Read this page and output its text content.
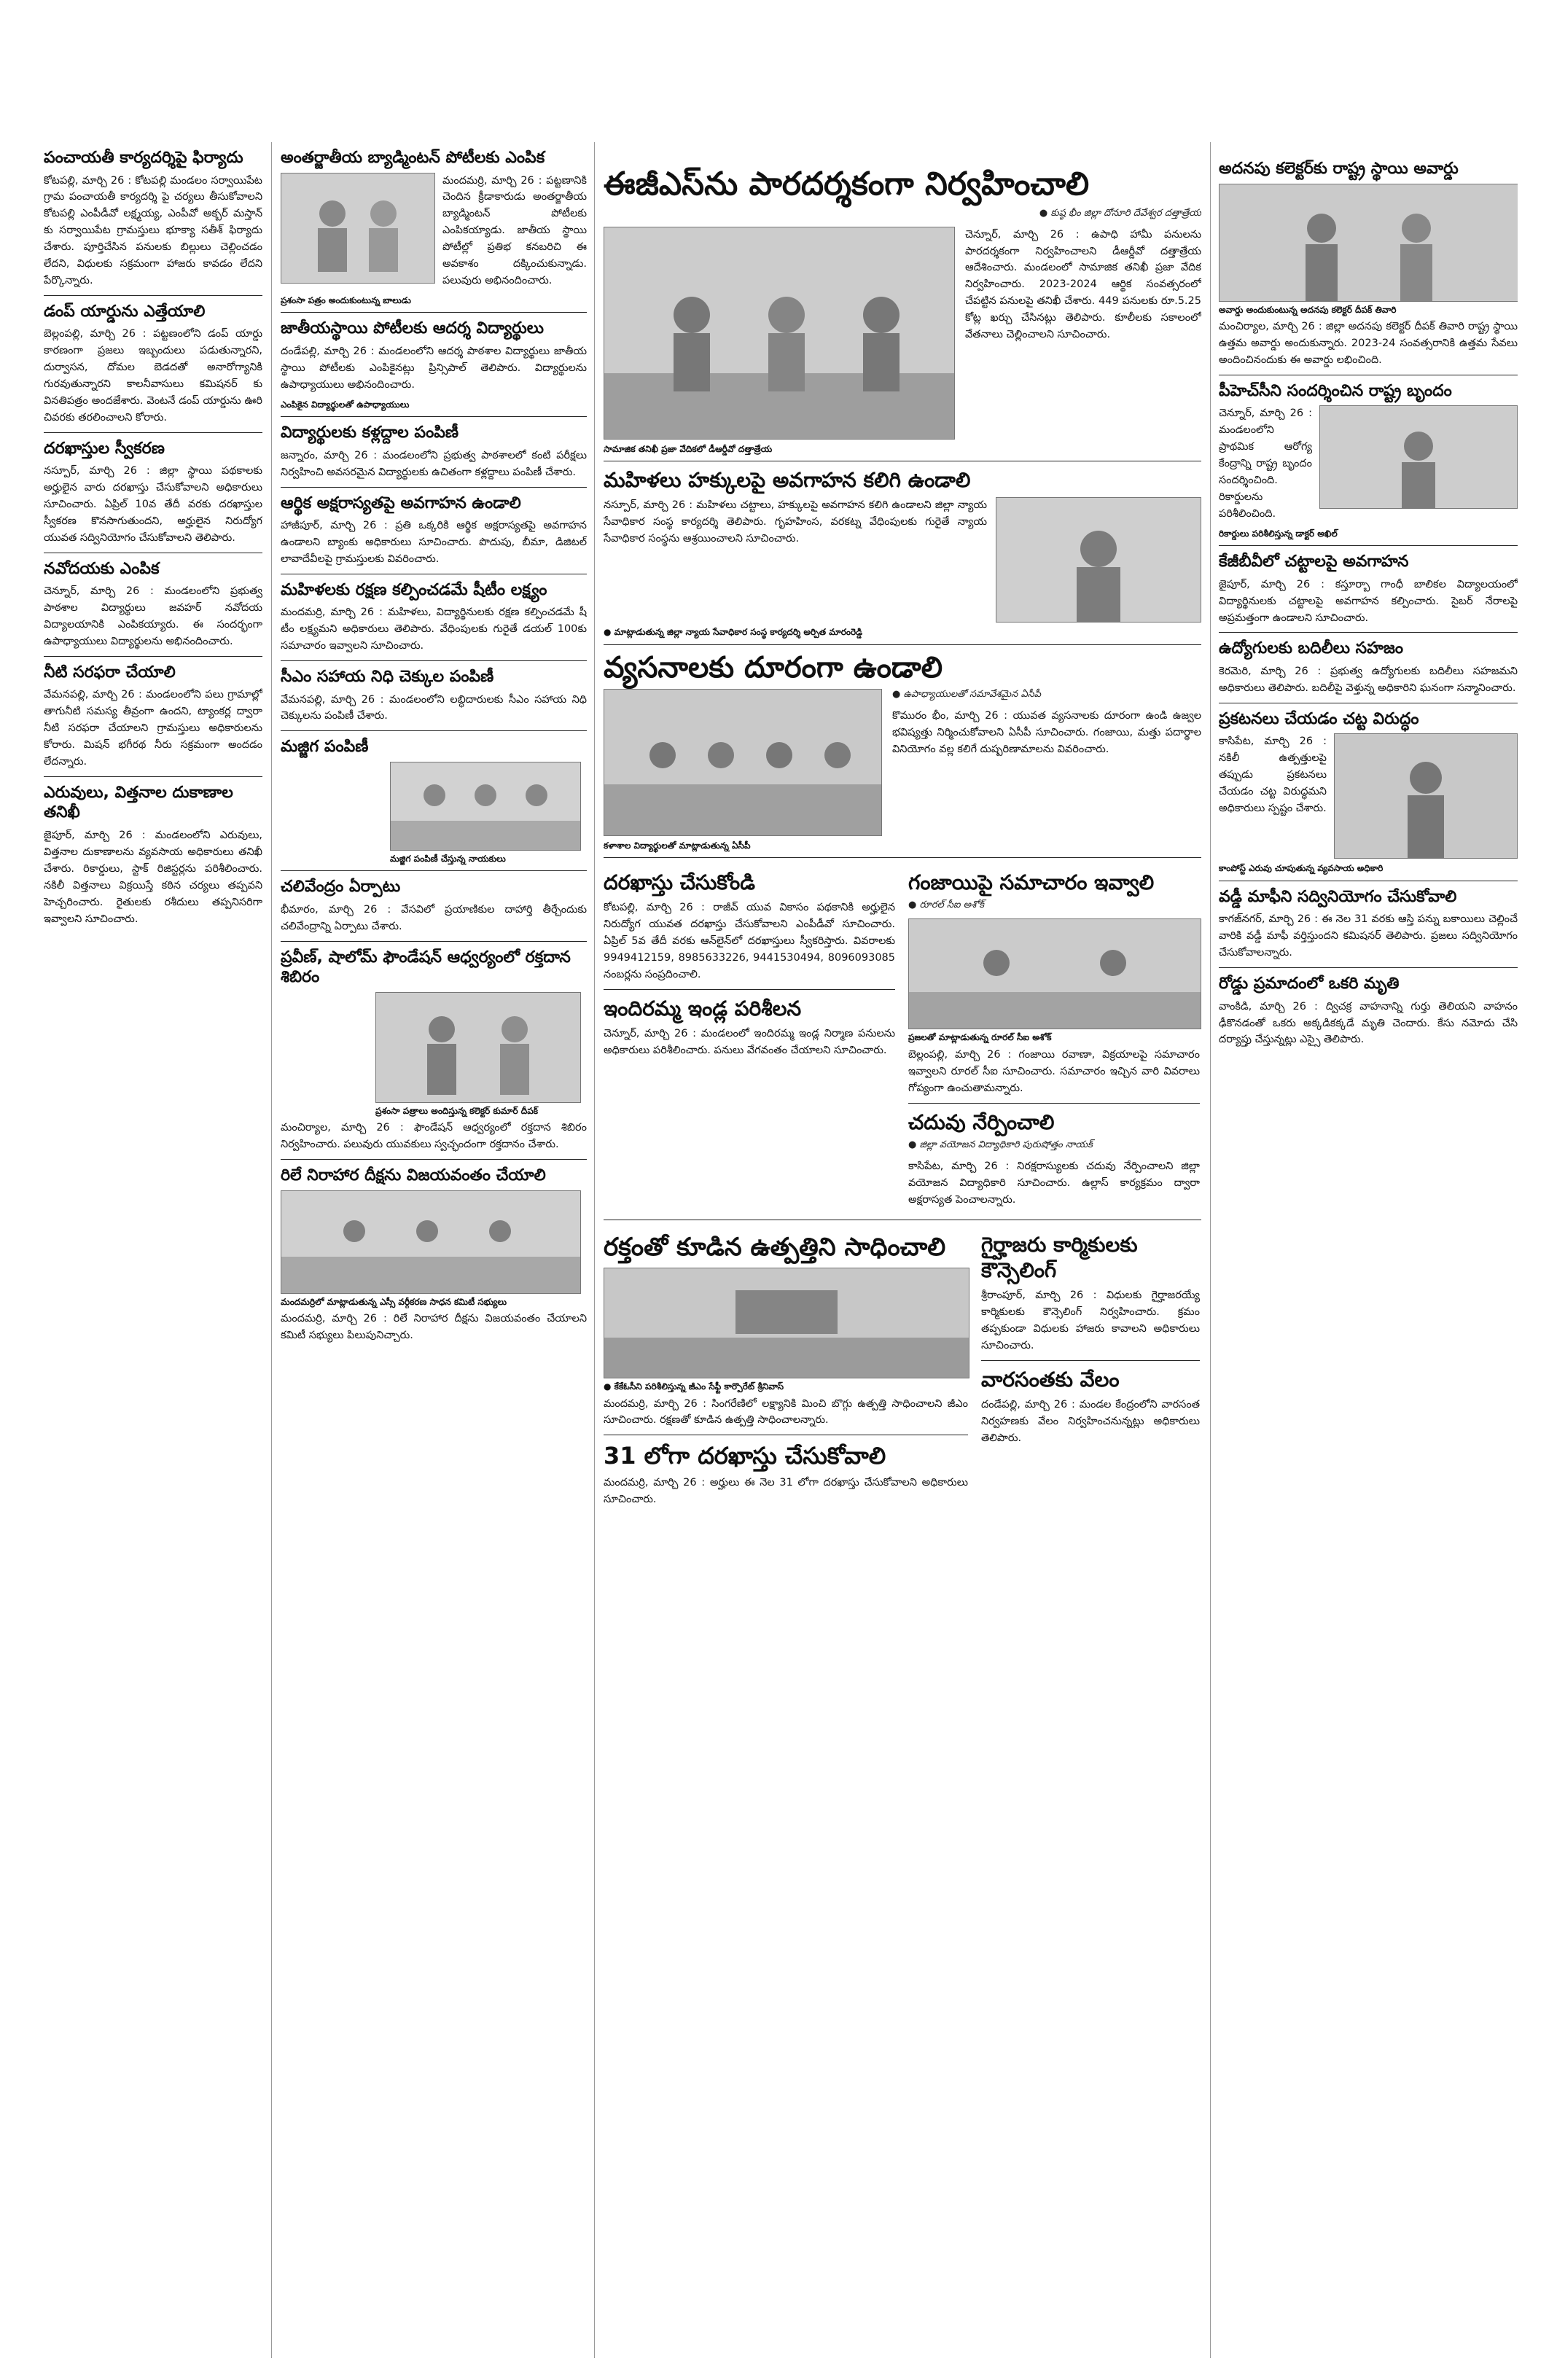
పంచాయతీ కార్యదర్శిపై ఫిర్యాదు

కోటపల్లి, మార్చి 26 : కోటపల్లి మండలం సర్వాయిపేట గ్రామ పంచాయతీ కార్యదర్శి పై చర్యలు తీసుకోవాలని కోటపల్లి ఎంపీడీవో లక్ష్మయ్య, ఎంపీవో అక్బర్ మస్తాన్ కు సర్వాయిపేట గ్రామస్తులు భూక్యా సతీశ్ ఫిర్యాదు చేశారు. పూర్తిచేసిన పనులకు బిల్లులు చెల్లించడం లేదని, విధులకు సక్రమంగా హాజరు కావడం లేదని పేర్కొన్నారు.

డంప్ యార్డును ఎత్తేయాలి

బెల్లంపల్లి, మార్చి 26 : పట్టణంలోని డంప్ యార్డు కారణంగా ప్రజలు ఇబ్బందులు పడుతున్నారని, దుర్వాసన, దోమల బెడదతో అనారోగ్యానికి గురవుతున్నారని కాలనీవాసులు కమిషనర్ కు వినతిపత్రం అందజేశారు. వెంటనే డంప్ యార్డును ఊరి చివరకు తరలించాలని కోరారు.

దరఖాస్తుల స్వీకరణ

నస్పూర్, మార్చి 26 : జిల్లా స్థాయి పథకాలకు అర్హులైన వారు దరఖాస్తు చేసుకోవాలని అధికారులు సూచించారు. ఏప్రిల్ 10వ తేదీ వరకు దరఖాస్తుల స్వీకరణ కొనసాగుతుందని, అర్హులైన నిరుద్యోగ యువత సద్వినియోగం చేసుకోవాలని తెలిపారు.

నవోదయకు ఎంపిక

చెన్నూర్, మార్చి 26 : మండలంలోని ప్రభుత్వ పాఠశాల విద్యార్థులు జవహర్ నవోదయ విద్యాలయానికి ఎంపికయ్యారు. ఈ సందర్భంగా ఉపాధ్యాయులు విద్యార్థులను అభినందించారు.

నీటి సరఫరా చేయాలి

వేమనపల్లి, మార్చి 26 : మండలంలోని పలు గ్రామాల్లో తాగునీటి సమస్య తీవ్రంగా ఉందని, ట్యాంకర్ల ద్వారా నీటి సరఫరా చేయాలని గ్రామస్తులు అధికారులను కోరారు. మిషన్ భగీరథ నీరు సక్రమంగా అందడం లేదన్నారు.

ఎరువులు, విత్తనాల దుకాణాల తనిఖీ

జైపూర్, మార్చి 26 : మండలంలోని ఎరువులు, విత్తనాల దుకాణాలను వ్యవసాయ అధికారులు తనిఖీ చేశారు. రికార్డులు, స్టాక్ రిజిస్టర్లను పరిశీలించారు. నకిలీ విత్తనాలు విక్రయిస్తే కఠిన చర్యలు తప్పవని హెచ్చరించారు. రైతులకు రశీదులు తప్పనిసరిగా ఇవ్వాలని సూచించారు.

అంతర్జాతీయ బ్యాడ్మింటన్ పోటీలకు ఎంపిక

మందమర్రి, మార్చి 26 : పట్టణానికి చెందిన క్రీడాకారుడు అంతర్జాతీయ బ్యాడ్మింటన్ పోటీలకు ఎంపికయ్యాడు. జాతీయ స్థాయి పోటీల్లో ప్రతిభ కనబరిచి ఈ అవకాశం దక్కించుకున్నాడు. పలువురు అభినందించారు.

ప్రశంసా పత్రం అందుకుంటున్న బాలుడు
జాతీయస్థాయి పోటీలకు ఆదర్శ విద్యార్థులు

దండేపల్లి, మార్చి 26 : మండలంలోని ఆదర్శ పాఠశాల విద్యార్థులు జాతీయ స్థాయి పోటీలకు ఎంపికైనట్లు ప్రిన్సిపాల్ తెలిపారు. విద్యార్థులను ఉపాధ్యాయులు అభినందించారు.

ఎంపికైన విద్యార్థులతో ఉపాధ్యాయులు
విద్యార్థులకు కళ్లద్దాల పంపిణీ

జన్నారం, మార్చి 26 : మండలంలోని ప్రభుత్వ పాఠశాలలో కంటి పరీక్షలు నిర్వహించి అవసరమైన విద్యార్థులకు ఉచితంగా కళ్లద్దాలు పంపిణీ చేశారు.

ఆర్థిక అక్షరాస్యతపై అవగాహన ఉండాలి

హాజీపూర్, మార్చి 26 : ప్రతి ఒక్కరికి ఆర్థిక అక్షరాస్యతపై అవగాహన ఉండాలని బ్యాంకు అధికారులు సూచించారు. పొదుపు, బీమా, డిజిటల్ లావాదేవీలపై గ్రామస్తులకు వివరించారు.

మహిళలకు రక్షణ కల్పించడమే షీటీం లక్ష్యం

మందమర్రి, మార్చి 26 : మహిళలు, విద్యార్థినులకు రక్షణ కల్పించడమే షీ టీం లక్ష్యమని అధికారులు తెలిపారు. వేధింపులకు గురైతే డయల్ 100కు సమాచారం ఇవ్వాలని సూచించారు.

సీఎం సహాయ నిధి చెక్కుల పంపిణీ

వేమనపల్లి, మార్చి 26 : మండలంలోని లబ్ధిదారులకు సీఎం సహాయ నిధి చెక్కులను పంపిణీ చేశారు.

మజ్జిగ పంపిణీ
మజ్జిగ పంపిణీ చేస్తున్న నాయకులు
చలివేంద్రం ఏర్పాటు

భీమారం, మార్చి 26 : వేసవిలో ప్రయాణికుల దాహార్తి తీర్చేందుకు చలివేంద్రాన్ని ఏర్పాటు చేశారు.

ప్రవీణ్, షాలోమ్ ఫౌండేషన్ ఆధ్వర్యంలో రక్తదాన శిబిరం
ప్రశంసా పత్రాలు అందిస్తున్న కలెక్టర్ కుమార్ దీపక్

మంచిర్యాల, మార్చి 26 : ఫౌండేషన్ ఆధ్వర్యంలో రక్తదాన శిబిరం నిర్వహించారు. పలువురు యువకులు స్వచ్ఛందంగా రక్తదానం చేశారు.

రిలే నిరాహార దీక్షను విజయవంతం చేయాలి
మందమర్రిలో మాట్లాడుతున్న ఎస్సీ వర్గీకరణ సాధన కమిటీ సభ్యులు

మందమర్రి, మార్చి 26 : రిలే నిరాహార దీక్షను విజయవంతం చేయాలని కమిటీ సభ్యులు పిలుపునిచ్చారు.

ఈజీఎస్‌ను పారదర్శకంగా నిర్వహించాలి
● కుష్ఠ భీం జిల్లా దోనూరి దేవేశ్వర దత్తాత్రేయ

చెన్నూర్, మార్చి 26 : ఉపాధి హామీ పనులను పారదర్శకంగా నిర్వహించాలని డీఆర్డీవో దత్తాత్రేయ ఆదేశించారు. మండలంలో సామాజిక తనిఖీ ప్రజా వేదిక నిర్వహించారు. 2023-2024 ఆర్థిక సంవత్సరంలో చేపట్టిన పనులపై తనిఖీ చేశారు. 449 పనులకు రూ.5.25 కోట్ల ఖర్చు చేసినట్లు తెలిపారు. కూలీలకు సకాలంలో వేతనాలు చెల్లించాలని సూచించారు.

సామాజిక తనిఖీ ప్రజా వేదికలో డీఆర్డీవో దత్తాత్రేయ
మహిళలు హక్కులపై అవగాహన కలిగి ఉండాలి

నస్పూర్, మార్చి 26 : మహిళలు చట్టాలు, హక్కులపై అవగాహన కలిగి ఉండాలని జిల్లా న్యాయ సేవాధికార సంస్థ కార్యదర్శి తెలిపారు. గృహహింస, వరకట్న వేధింపులకు గురైతే న్యాయ సేవాధికార సంస్థను ఆశ్రయించాలని సూచించారు.

● మాట్లాడుతున్న జిల్లా న్యాయ సేవాధికార సంస్థ కార్యదర్శి అర్పిత మారంరెడ్డి
వ్యసనాలకు దూరంగా ఉండాలి
● ఉపాధ్యాయులతో సమావేశమైన ఏసీపీ

కొమురం భీం, మార్చి 26 : యువత వ్యసనాలకు దూరంగా ఉండి ఉజ్వల భవిష్యత్తు నిర్మించుకోవాలని ఏసీపీ సూచించారు. గంజాయి, మత్తు పదార్థాల వినియోగం వల్ల కలిగే దుష్పరిణామాలను వివరించారు.

కళాశాల విద్యార్థులతో మాట్లాడుతున్న ఏసీపీ
దరఖాస్తు చేసుకోండి

కోటపల్లి, మార్చి 26 : రాజీవ్ యువ వికాసం పథకానికి అర్హులైన నిరుద్యోగ యువత దరఖాస్తు చేసుకోవాలని ఎంపీడీవో సూచించారు. ఏప్రిల్ 5వ తేదీ వరకు ఆన్‌లైన్‌లో దరఖాస్తులు స్వీకరిస్తారు. వివరాలకు 9949412159, 8985633226, 9441530494, 8096093085 నంబర్లను సంప్రదించాలి.

ఇందిరమ్మ ఇండ్ల పరిశీలన

చెన్నూర్, మార్చి 26 : మండలంలో ఇందిరమ్మ ఇండ్ల నిర్మాణ పనులను అధికారులు పరిశీలించారు. పనులు వేగవంతం చేయాలని సూచించారు.

గంజాయిపై సమాచారం ఇవ్వాలి
● రూరల్ సీఐ అశోక్
ప్రజలతో మాట్లాడుతున్న రూరల్ సీఐ అశోక్

బెల్లంపల్లి, మార్చి 26 : గంజాయి రవాణా, విక్రయాలపై సమాచారం ఇవ్వాలని రూరల్ సీఐ సూచించారు. సమాచారం ఇచ్చిన వారి వివరాలు గోప్యంగా ఉంచుతామన్నారు.

చదువు నేర్పించాలి
● జిల్లా వయోజన విద్యాధికారి పురుషోత్తం నాయక్

కాసిపేట, మార్చి 26 : నిరక్షరాస్యులకు చదువు నేర్పించాలని జిల్లా వయోజన విద్యాధికారి సూచించారు. ఉల్లాస్ కార్యక్రమం ద్వారా అక్షరాస్యత పెంచాలన్నారు.

రక్తంతో కూడిన ఉత్పత్తిని సాధించాలి
● కేకేఓసీని పరిశీలిస్తున్న జీఎం సేఫ్టీ కార్పొరేట్ శ్రీనివాస్

మందమర్రి, మార్చి 26 : సింగరేణిలో లక్ష్యానికి మించి బొగ్గు ఉత్పత్తి సాధించాలని జీఎం సూచించారు. రక్షణతో కూడిన ఉత్పత్తి సాధించాలన్నారు.

31 లోగా దరఖాస్తు చేసుకోవాలి

మందమర్రి, మార్చి 26 : అర్హులు ఈ నెల 31 లోగా దరఖాస్తు చేసుకోవాలని అధికారులు సూచించారు.

గైర్హాజరు కార్మికులకు కౌన్సెలింగ్

శ్రీరాంపూర్, మార్చి 26 : విధులకు గైర్హాజరయ్యే కార్మికులకు కౌన్సెలింగ్ నిర్వహించారు. క్రమం తప్పకుండా విధులకు హాజరు కావాలని అధికారులు సూచించారు.

వారసంతకు వేలం

దండేపల్లి, మార్చి 26 : మండల కేంద్రంలోని వారసంత నిర్వహణకు వేలం నిర్వహించనున్నట్లు అధికారులు తెలిపారు.

అదనపు కలెక్టర్‌కు రాష్ట్ర స్థాయి అవార్డు
అవార్డు అందుకుంటున్న అదనపు కలెక్టర్ దీపక్ తివారి

మంచిర్యాల, మార్చి 26 : జిల్లా అదనపు కలెక్టర్ దీపక్ తివారి రాష్ట్ర స్థాయి ఉత్తమ అవార్డు అందుకున్నారు. 2023-24 సంవత్సరానికి ఉత్తమ సేవలు అందించినందుకు ఈ అవార్డు లభించింది.

పీహెచ్‌సీని సందర్శించిన రాష్ట్ర బృందం

చెన్నూర్, మార్చి 26 : మండలంలోని ప్రాథమిక ఆరోగ్య కేంద్రాన్ని రాష్ట్ర బృందం సందర్శించింది. రికార్డులను పరిశీలించింది.

రికార్డులు పరిశీలిస్తున్న డాక్టర్ అఖిల్
కేజీబీవీలో చట్టాలపై అవగాహన

జైపూర్, మార్చి 26 : కస్తూర్బా గాంధీ బాలికల విద్యాలయంలో విద్యార్థినులకు చట్టాలపై అవగాహన కల్పించారు. సైబర్ నేరాలపై అప్రమత్తంగా ఉండాలని సూచించారు.

ఉద్యోగులకు బదిలీలు సహజం

కెరమెరి, మార్చి 26 : ప్రభుత్వ ఉద్యోగులకు బదిలీలు సహజమని అధికారులు తెలిపారు. బదిలీపై వెళ్తున్న అధికారిని ఘనంగా సన్మానించారు.

ప్రకటనలు చేయడం చట్ట విరుద్ధం

కాసిపేట, మార్చి 26 : నకిలీ ఉత్పత్తులపై తప్పుడు ప్రకటనలు చేయడం చట్ట విరుద్ధమని అధికారులు స్పష్టం చేశారు.

కాంపోస్ట్ ఎరువు చూపుతున్న వ్యవసాయ అధికారి
వడ్డీ మాఫీని సద్వినియోగం చేసుకోవాలి

కాగజ్‌నగర్, మార్చి 26 : ఈ నెల 31 వరకు ఆస్తి పన్ను బకాయిలు చెల్లించే వారికి వడ్డీ మాఫీ వర్తిస్తుందని కమిషనర్ తెలిపారు. ప్రజలు సద్వినియోగం చేసుకోవాలన్నారు.

రోడ్డు ప్రమాదంలో ఒకరి మృతి

వాంకిడి, మార్చి 26 : ద్విచక్ర వాహనాన్ని గుర్తు తెలియని వాహనం ఢీకొనడంతో ఒకరు అక్కడికక్కడే మృతి చెందారు. కేసు నమోదు చేసి దర్యాప్తు చేస్తున్నట్లు ఎస్సై తెలిపారు.
